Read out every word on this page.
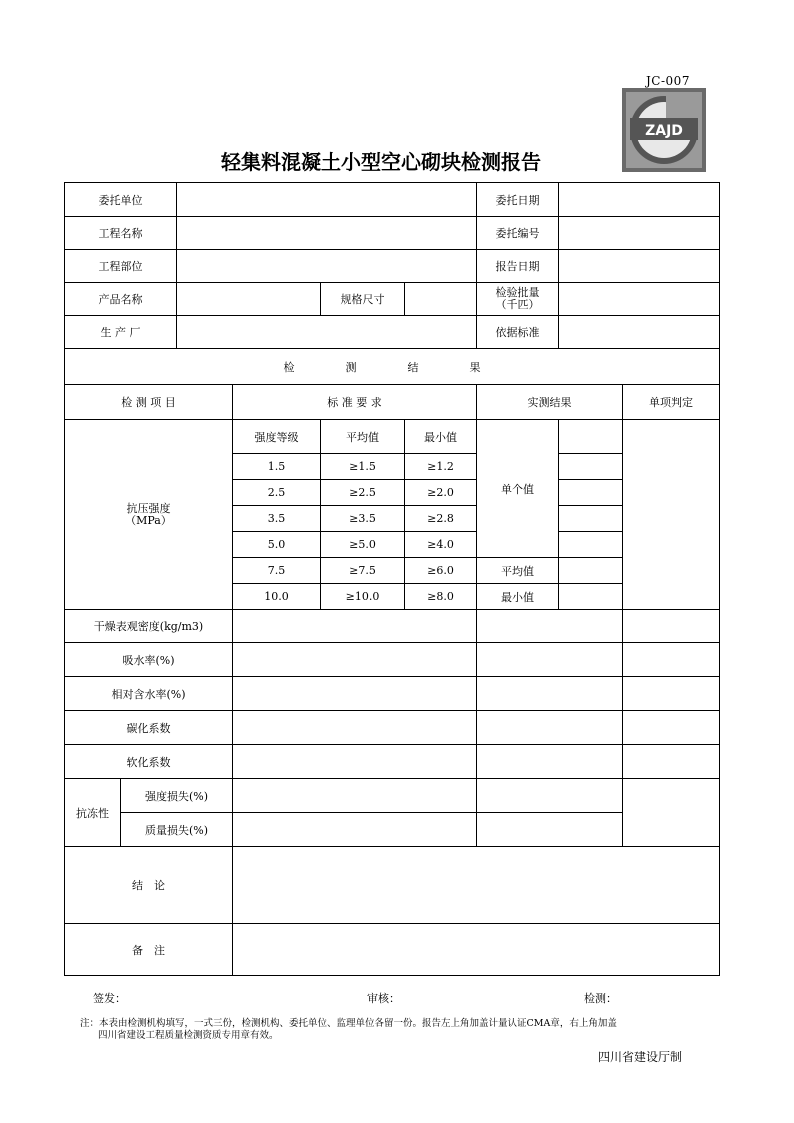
JC-007
ZAJD
轻集料混凝土小型空心砌块检测报告
委托单位						委托日期		
工程名称						委托编号		
工程部位						报告日期		
产品名称				规格尺寸		检验批量
（千匹）		
生 产 厂						依据标准		
检　测　结　果								
检 测 项 目			标 准 要 求			实测结果		单项判定
抗压强度
（MPa）			强度等级	平均值	最小值	单个值		
			1.5	≥1.5	≥1.2			
			2.5	≥2.5	≥2.0			
			3.5	≥3.5	≥2.8			
			5.0	≥5.0	≥4.0			
			7.5	≥7.5	≥6.0	平均值		
			10.0	≥10.0	≥8.0	最小值		
干燥表观密度(kg/m3)								
吸水率(%)								
相对含水率(%)								
碳化系数								
软化系数								
抗冻性	强度损失(%)							
	质量损失(%)							
结　论								
备　注								
签发：	审核：	检测：
注：本表由检测机构填写，一式三份，检测机构、委托单位、监理单位各留一份。报告左上角加盖计量认证CMA章，右上角加盖
四川省建设工程质量检测资质专用章有效。
四川省建设厅制
